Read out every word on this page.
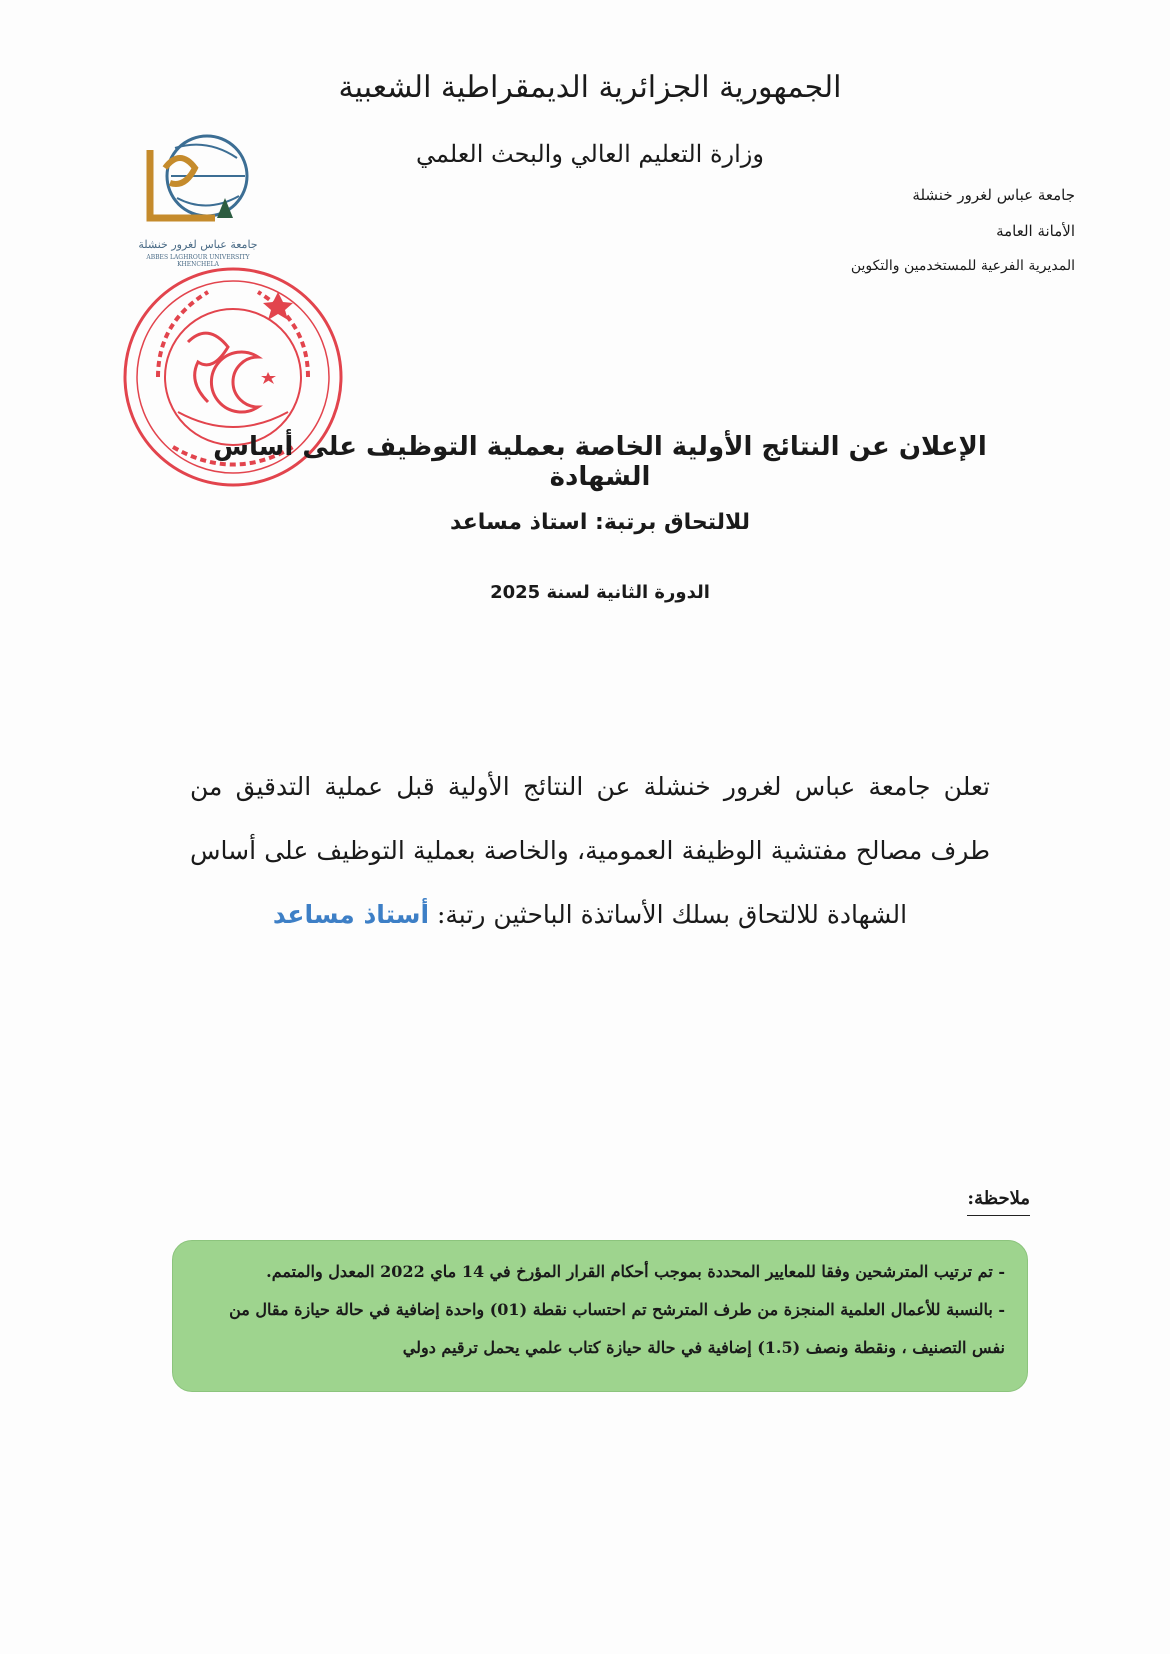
الجمهورية الجزائرية الديمقراطية الشعبية
وزارة التعليم العالي والبحث العلمي
جامعة عباس لغرور خنشلة
الأمانة العامة
المديرية الفرعية للمستخدمين والتكوين
جامعة عباس لغرور خنشلة
ABBES LAGHROUR UNIVERSITY KHENCHELA
الإعلان عن النتائج الأولية الخاصة بعملية التوظيف على أساس الشهادة
للالتحاق برتبة: استاذ مساعد
الدورة الثانية لسنة 2025
تعلن جامعة عباس لغرور خنشلة عن النتائج الأولية قبل عملية التدقيق من طرف مصالح مفتشية الوظيفة العمومية، والخاصة بعملية التوظيف على أساس الشهادة للالتحاق بسلك الأساتذة الباحثين رتبة: أستاذ مساعد
ملاحظة:

- تم ترتيب المترشحين وفقا للمعايير المحددة بموجب أحكام القرار المؤرخ في 14 ماي 2022 المعدل والمتمم.

- بالنسبة للأعمال العلمية المنجزة من طرف المترشح تم احتساب نقطة (01) واحدة إضافية في حالة حيازة مقال من نفس التصنيف ، ونقطة ونصف (1.5) إضافية في حالة حيازة كتاب علمي يحمل ترقيم دولي
